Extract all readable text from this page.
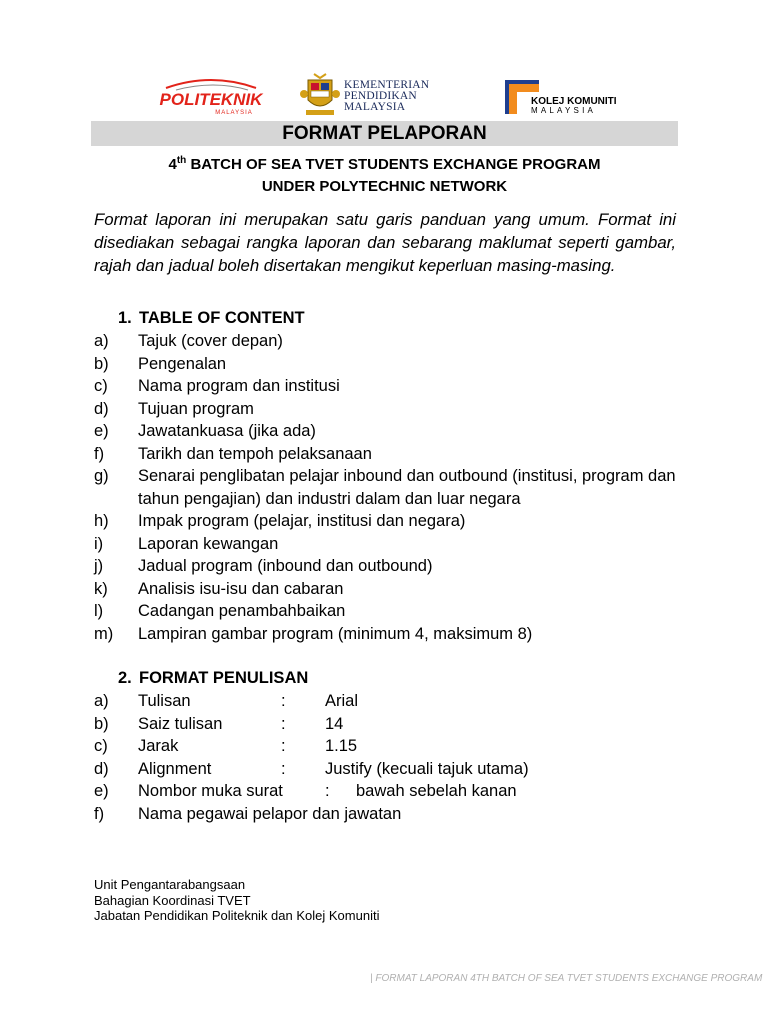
POLITEKNIK
MALAYSIA
KEMENTERIAN
PENDIDIKAN
MALAYSIA	KOLEJ KOMUNITI
MALAYSIA
FORMAT PELAPORAN
4th BATCH OF SEA TVET STUDENTS EXCHANGE PROGRAM
UNDER POLYTECHNIC NETWORK
Format laporan ini merupakan satu garis panduan yang umum. Format ini disediakan sebagai rangka laporan dan sebarang maklumat seperti gambar, rajah dan jadual boleh disertakan mengikut keperluan masing-masing.
1. TABLE OF CONTENT
a) Tajuk (cover depan)
b) Pengenalan
c) Nama program dan institusi
d) Tujuan program
e) Jawatankuasa (jika ada)
f) Tarikh dan tempoh pelaksanaan
g) Senarai penglibatan pelajar inbound dan outbound (institusi, program dan tahun pengajian) dan industri dalam dan luar negara
h) Impak program (pelajar, institusi dan negara)
i) Laporan kewangan
j) Jadual program (inbound dan outbound)
k) Analisis isu-isu dan cabaran
l) Cadangan penambahbaikan
m) Lampiran gambar program (minimum 4, maksimum 8)
2. FORMAT PENULISAN
a) Tulisan	: Arial
b) Saiz tulisan	: 14
c) Jarak	: 1.15
d) Alignment	: Justify (kecuali tajuk utama)
e) Nombor muka surat	: bawah sebelah kanan
f) Nama pegawai pelapor dan jawatan
Unit Pengantarabangsaan
Bahagian Koordinasi TVET
Jabatan Pendidikan Politeknik dan Kolej Komuniti
| FORMAT LAPORAN 4TH BATCH OF SEA TVET STUDENTS EXCHANGE PROGRAM
